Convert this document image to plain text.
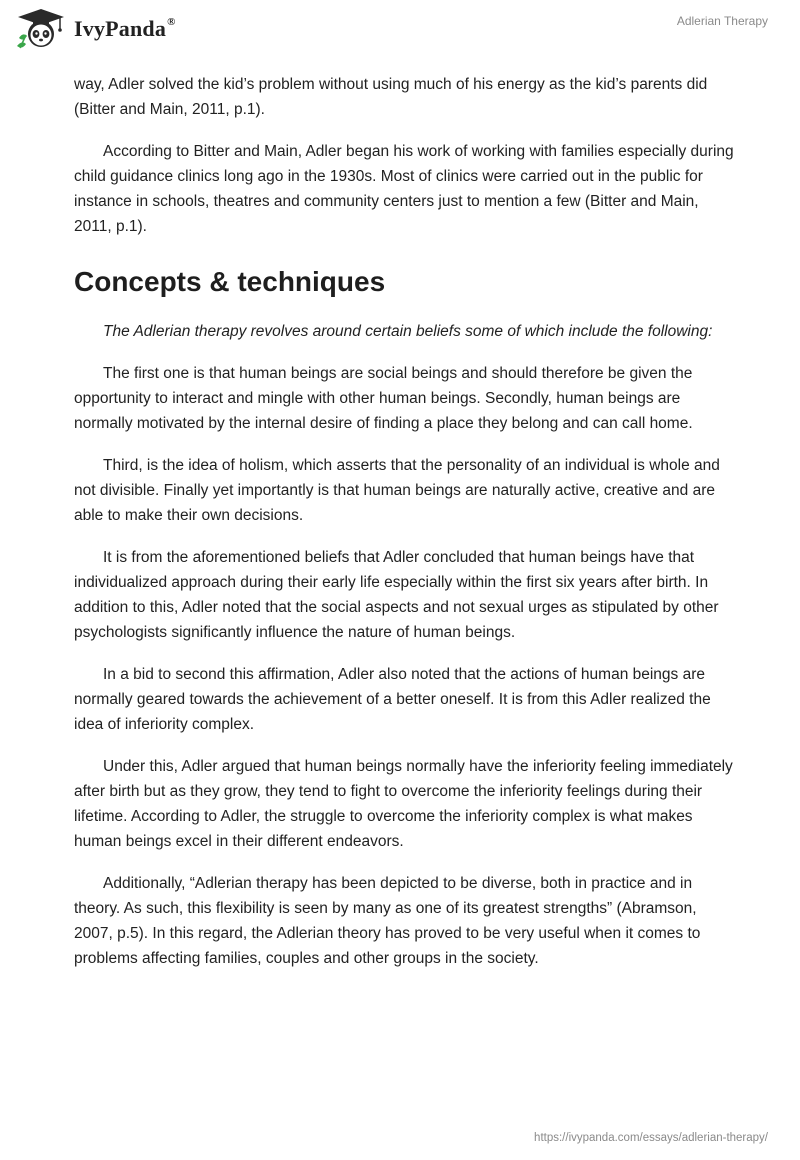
IvyPanda®	Adlerian Therapy

way, Adler solved the kid’s problem without using much of his energy as the kid’s parents did (Bitter and Main, 2011, p.1).

According to Bitter and Main, Adler began his work of working with families especially during child guidance clinics long ago in the 1930s. Most of clinics were carried out in the public for instance in schools, theatres and community centers just to mention a few (Bitter and Main, 2011, p.1).

Concepts & techniques

The Adlerian therapy revolves around certain beliefs some of which include the following:

The first one is that human beings are social beings and should therefore be given the opportunity to interact and mingle with other human beings. Secondly, human beings are normally motivated by the internal desire of finding a place they belong and can call home.

Third, is the idea of holism, which asserts that the personality of an individual is whole and not divisible. Finally yet importantly is that human beings are naturally active, creative and are able to make their own decisions.

It is from the aforementioned beliefs that Adler concluded that human beings have that individualized approach during their early life especially within the first six years after birth. In addition to this, Adler noted that the social aspects and not sexual urges as stipulated by other psychologists significantly influence the nature of human beings.

In a bid to second this affirmation, Adler also noted that the actions of human beings are normally geared towards the achievement of a better oneself. It is from this Adler realized the idea of inferiority complex.

Under this, Adler argued that human beings normally have the inferiority feeling immediately after birth but as they grow, they tend to fight to overcome the inferiority feelings during their lifetime. According to Adler, the struggle to overcome the inferiority complex is what makes human beings excel in their different endeavors.

Additionally, “Adlerian therapy has been depicted to be diverse, both in practice and in theory. As such, this flexibility is seen by many as one of its greatest strengths” (Abramson, 2007, p.5). In this regard, the Adlerian theory has proved to be very useful when it comes to problems affecting families, couples and other groups in the society.

https://ivypanda.com/essays/adlerian-therapy/
